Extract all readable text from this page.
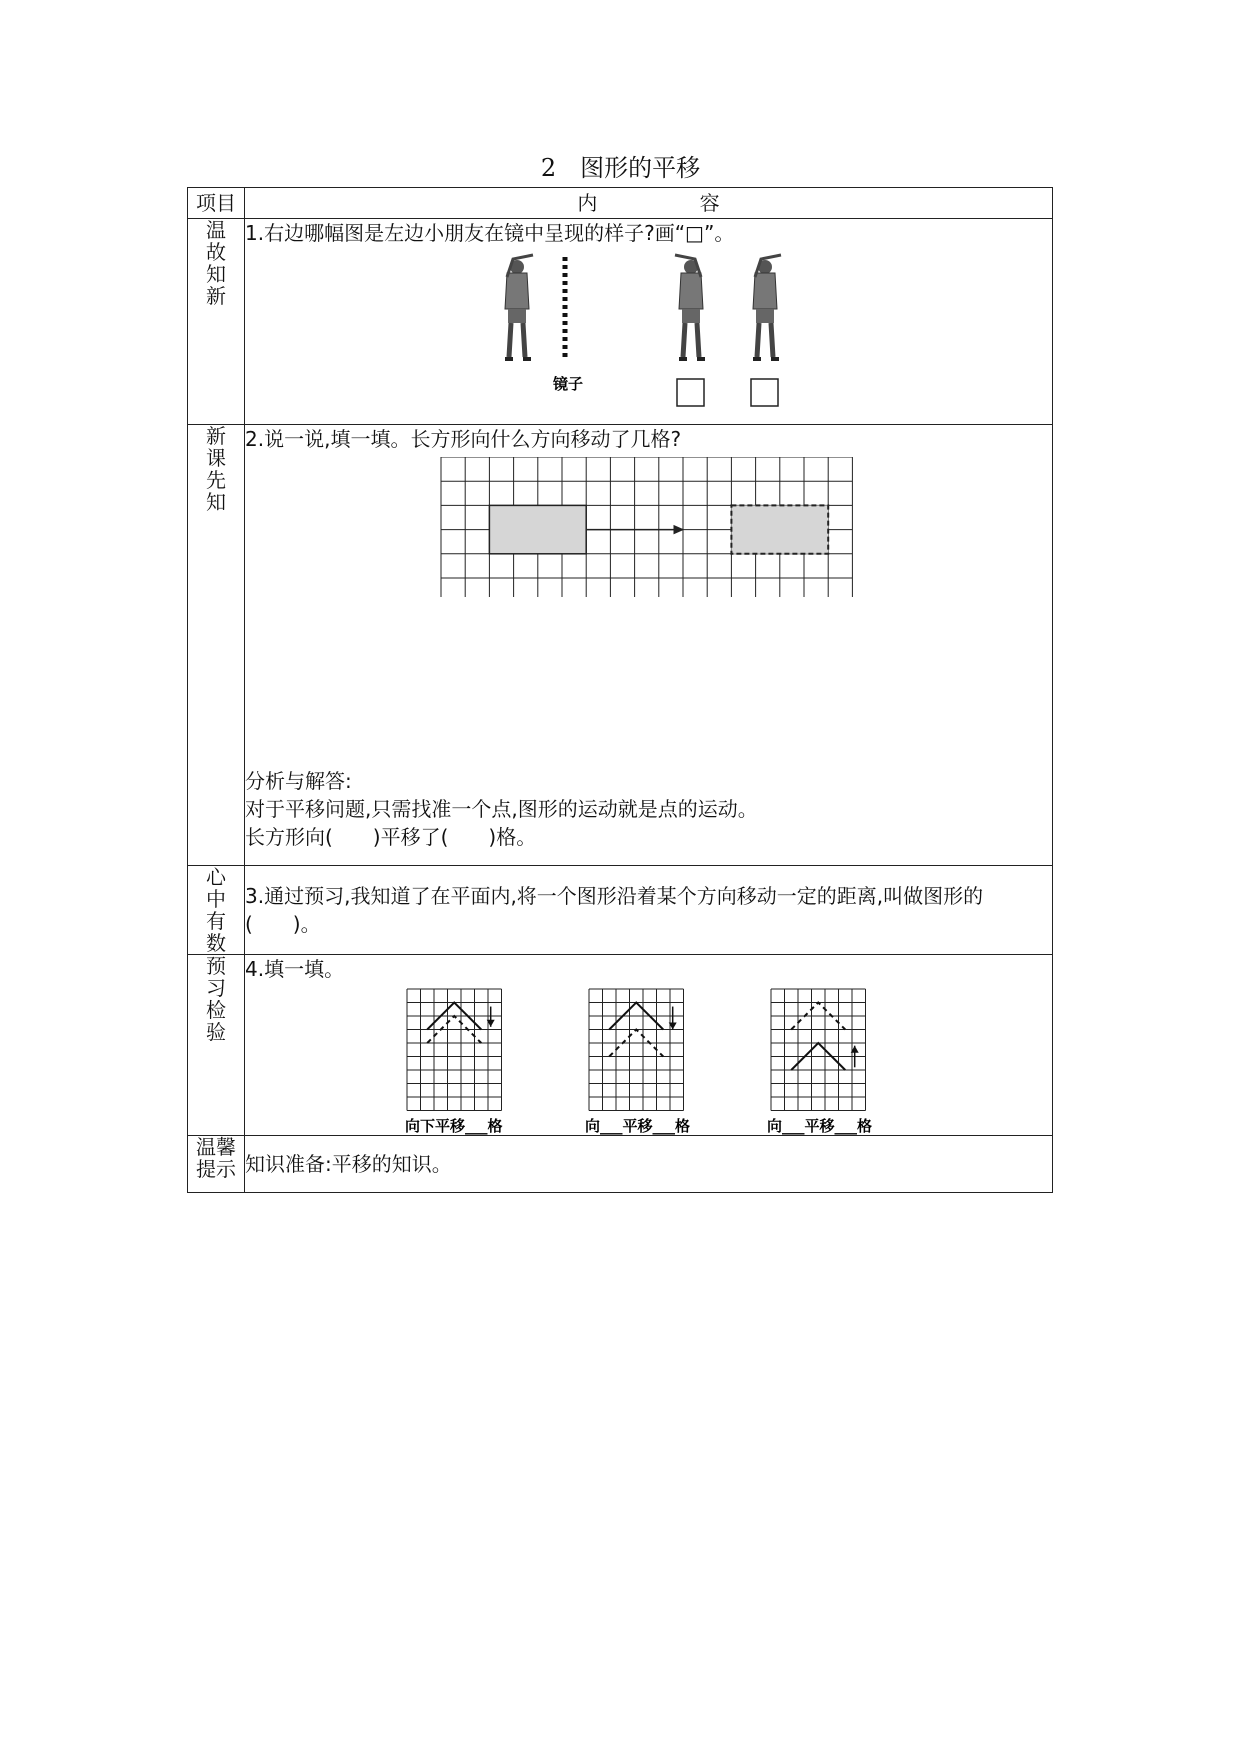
2 图形的平移
项目	内 容
温故知新	1.右边哪幅图是左边小朋友在镜中呈现的样子?画“□”。
镜子

新课先知	2.说一说,填一填。长方形向什么方向移动了几格?

分析与解答:

对于平移问题,只需找准一个点,图形的运动就是点的运动。

长方形向(　　)平移了(　　)格。

心中有数	3.通过预习,我知道了在平面内,将一个图形沿着某个方向移动一定的距离,叫做图形的(　　)。

预习检验	4.填一填。
向下平移___格 向___平移___格 向___平移___格

温馨提示	知识准备:平移的知识。
